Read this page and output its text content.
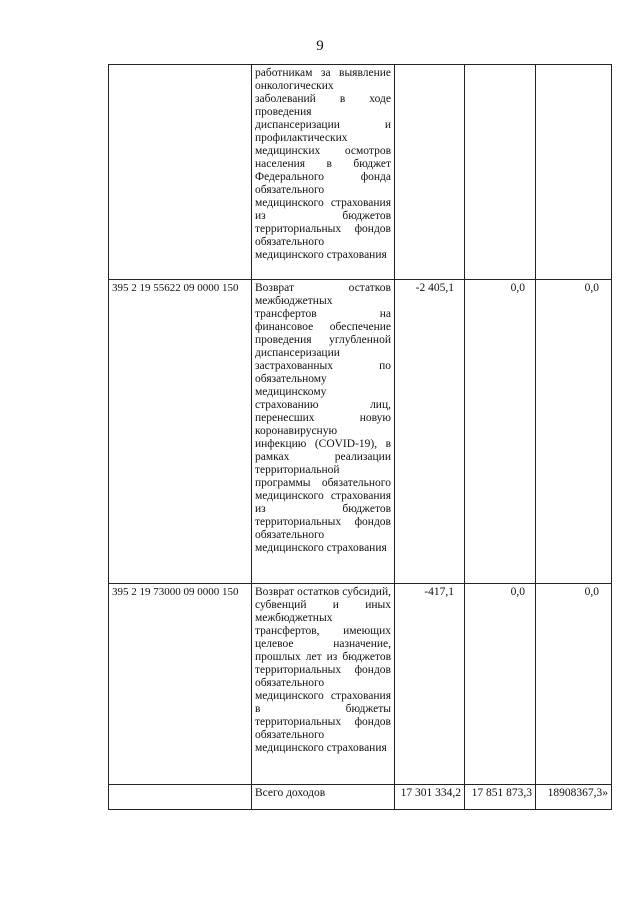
9
	работникам за выявление онкологических заболеваний в ходе проведения диспансеризации и профилактических медицинских осмотров населения в бюджет Федерального фонда обязательного медицинского страхования из бюджетов территориальных фондов обязательного медицинского страхования			
395 2 19 55622 09 0000 150	Возврат остатков межбюджетных трансфертов на финансовое обеспечение проведения углубленной диспансеризации застрахованных по обязательному медицинскому страхованию лиц, перенесших новую коронавирусную инфекцию (COVID-19), в рамках реализации территориальной программы обязательного медицинского страхования из бюджетов территориальных фондов обязательного медицинского страхования	-2 405,1	0,0	0,0
395 2 19 73000 09 0000 150	Возврат остатков субсидий, субвенций и иных межбюджетных трансфертов, имеющих целевое назначение, прошлых лет из бюджетов территориальных фондов обязательного медицинского страхования в бюджеты территориальных фондов обязательного медицинского страхования	-417,1	0,0	0,0
	Всего доходов	17 301 334,2	17 851 873,3	18908367,3»
